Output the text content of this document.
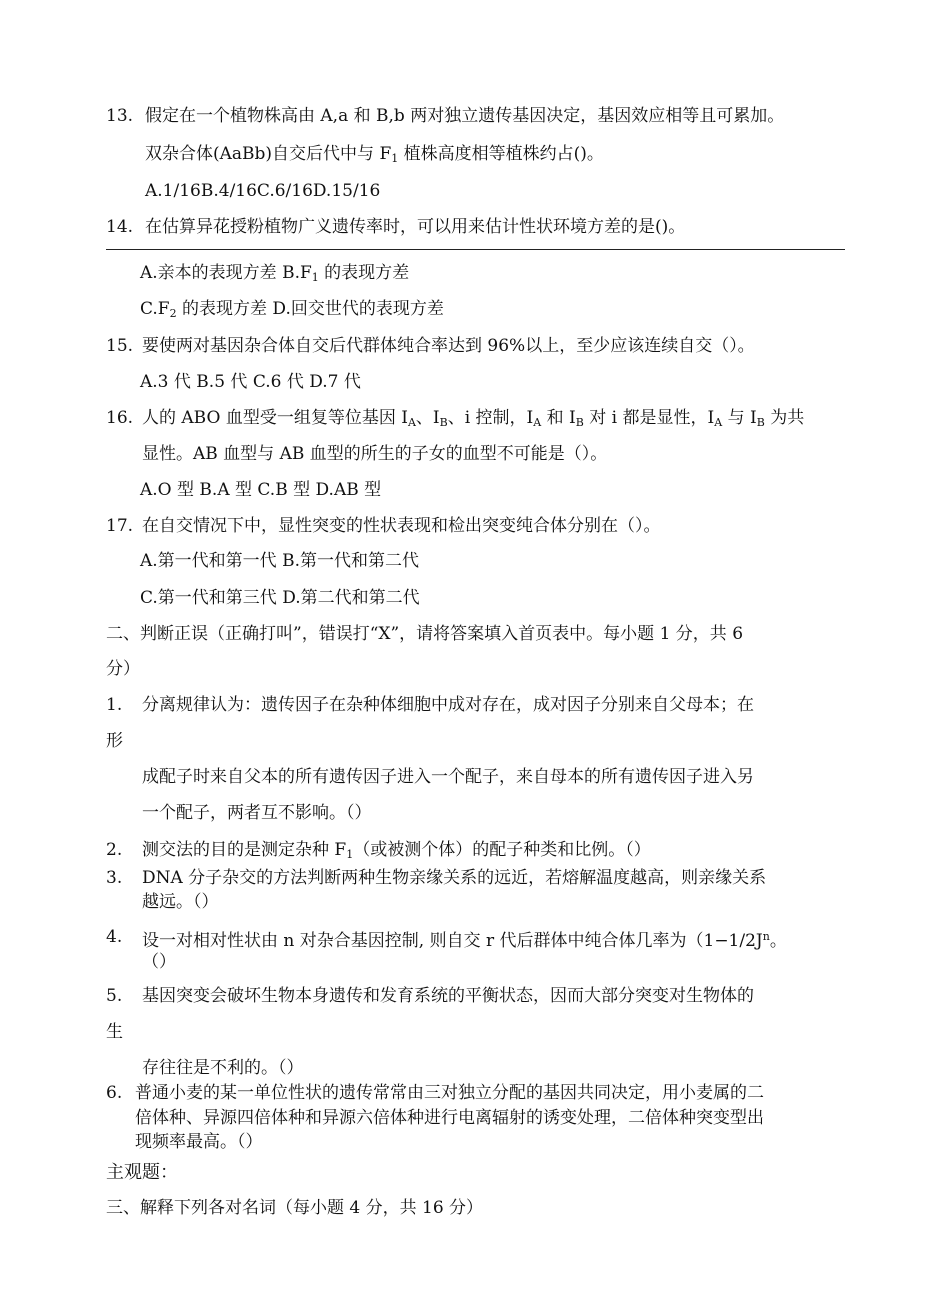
13. 假定在一个植物株高由 A,a 和 B,b 两对独立遗传基因决定，基因效应相等且可累加。
双杂合体(AaBb)自交后代中与 $F_1$ 植株高度相等植株约占()。
A.1/16B.4/16C.6/16D.15/16
14. 在估算异花授粉植物广义遗传率时，可以用来估计性状环境方差的是()。
A.亲本的表现方差 $B.F_1$ 的表现方差
$C.F_2$ 的表现方差 D.回交世代的表现方差
15. 要使两对基因杂合体自交后代群体纯合率达到 96%以上，至少应该连续自交（）。
A.3 代 B.5 代 C.6 代 D.7 代
16. 人的 ABO 血型受一组复等位基因 $I_A$、$I_B$、i 控制，$I_A$ 和 $I_B$ 对 i 都是显性，$I_A$ 与 $I_B$ 为共
显性。AB 血型与 AB 血型的所生的子女的血型不可能是（）。
A.O 型 B.A 型 C.B 型 D.AB 型
17. 在自交情况下中，显性突变的性状表现和检出突变纯合体分别在（）。
A.第一代和第一代 B.第一代和第二代
C.第一代和第三代 D.第二代和第二代
二、判断正误（正确打叫”，错误打“X”，请将答案填入首页表中。每小题 1 分，共 6
分）
1. 分离规律认为：遗传因子在杂种体细胞中成对存在，成对因子分别来自父母本；在
形
成配子时来自父本的所有遗传因子进入一个配子，来自母本的所有遗传因子进入另
一个配子，两者互不影响。（）
2. 测交法的目的是测定杂种 $F_1$（或被测个体）的配子种类和比例。（）
3. DNA 分子杂交的方法判断两种生物亲缘关系的远近，若熔解温度越高，则亲缘关系
越远。（）
4. 设一对相对性状由 n 对杂合基因控制, 则自交 r 代后群体中纯合体几率为（$1-1/2J^n$。
（）
5. 基因突变会破坏生物本身遗传和发育系统的平衡状态，因而大部分突变对生物体的
生
存往往是不利的。（）
6. 普通小麦的某一单位性状的遗传常常由三对独立分配的基因共同决定，用小麦属的二
倍体种、异源四倍体种和异源六倍体种进行电离辐射的诱变处理，二倍体种突变型出
现频率最高。（）
主观题：
三、解释下列各对名词（每小题 4 分，共 16 分）
